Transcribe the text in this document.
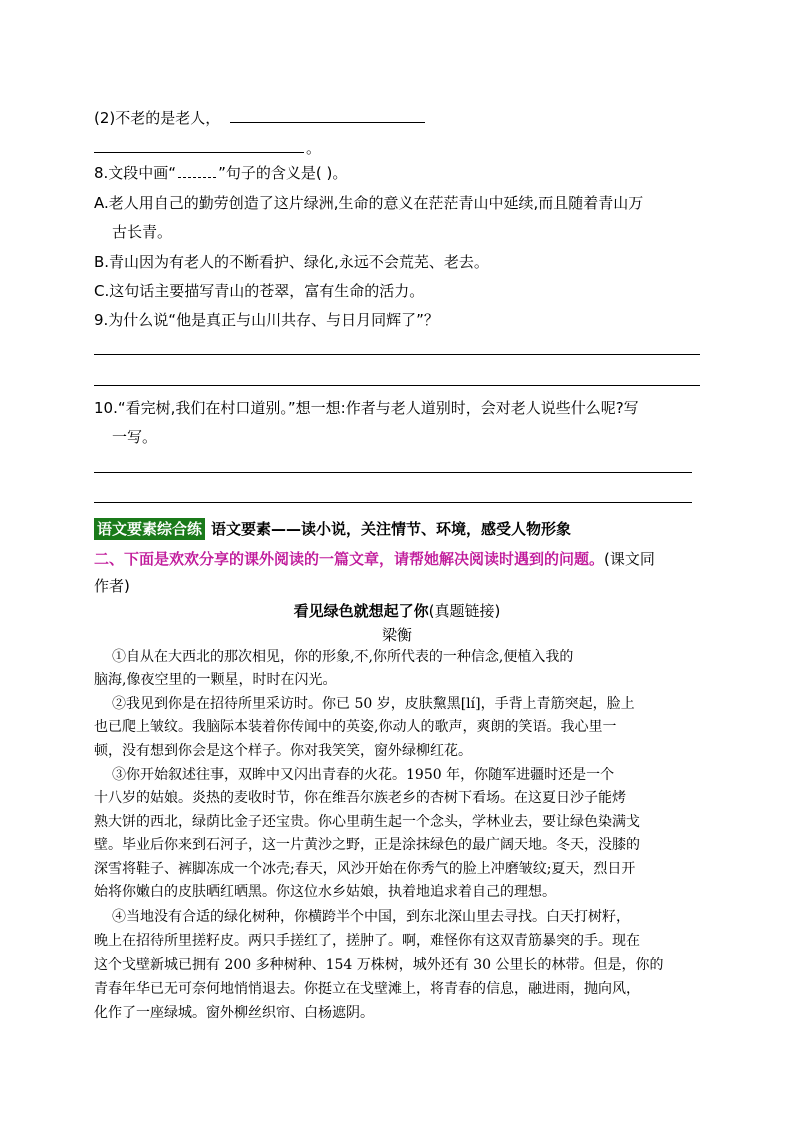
(2)不老的是老人，
。
8.文段中画“	”句子的含义是( )。
A.老人用自己的勤劳创造了这片绿洲,生命的意义在茫茫青山中延续,而且随着青山万
古长青。
B.青山因为有老人的不断看护、绿化,永远不会荒芜、老去。
C.这句话主要描写青山的苍翠，富有生命的活力。
9.为什么说“他是真正与山川共存、与日月同辉了”？
10.“看完树,我们在村口道别。”想一想:作者与老人道别时，会对老人说些什么呢?写
一写。
语文要素综合练 语文要素——读小说，关注情节、环境，感受人物形象
二、下面是欢欢分享的课外阅读的一篇文章，请帮她解决阅读时遇到的问题。(课文同
作者)
看见绿色就想起了你(真题链接)
梁衡
①自从在大西北的那次相见，你的形象,不,你所代表的一种信念,便植入我的
脑海,像夜空里的一颗星，时时在闪光。
②我见到你是在招待所里采访时。你已 50 岁，皮肤黧黑[lí]，手背上青筋突起，脸上
也已爬上皱纹。我脑际本装着你传闻中的英姿,你动人的歌声，爽朗的笑语。我心里一
顿，没有想到你会是这个样子。你对我笑笑，窗外绿柳红花。
③你开始叙述往事，双眸中又闪出青春的火花。1950 年，你随军进疆时还是一个
十八岁的姑娘。炎热的麦收时节，你在维吾尔族老乡的杏树下看场。在这夏日沙子能烤
熟大饼的西北，绿荫比金子还宝贵。你心里萌生起一个念头，学林业去，要让绿色染满戈
壁。毕业后你来到石河子，这一片黄沙之野，正是涂抹绿色的最广阔天地。冬天，没膝的
深雪将鞋子、裤脚冻成一个冰壳;春天，风沙开始在你秀气的脸上冲磨皱纹;夏天，烈日开
始将你嫩白的皮肤晒红晒黑。你这位水乡姑娘，执着地追求着自己的理想。
④当地没有合适的绿化树种，你横跨半个中国，到东北深山里去寻找。白天打树籽，
晚上在招待所里搓籽皮。两只手搓红了，搓肿了。啊，难怪你有这双青筋暴突的手。现在
这个戈壁新城已拥有 200 多种树种、154 万株树，城外还有 30 公里长的林带。但是，你的
青春年华已无可奈何地悄悄退去。你挺立在戈壁滩上，将青春的信息，融进雨，抛向风，
化作了一座绿城。窗外柳丝织帘、白杨遮阴。
